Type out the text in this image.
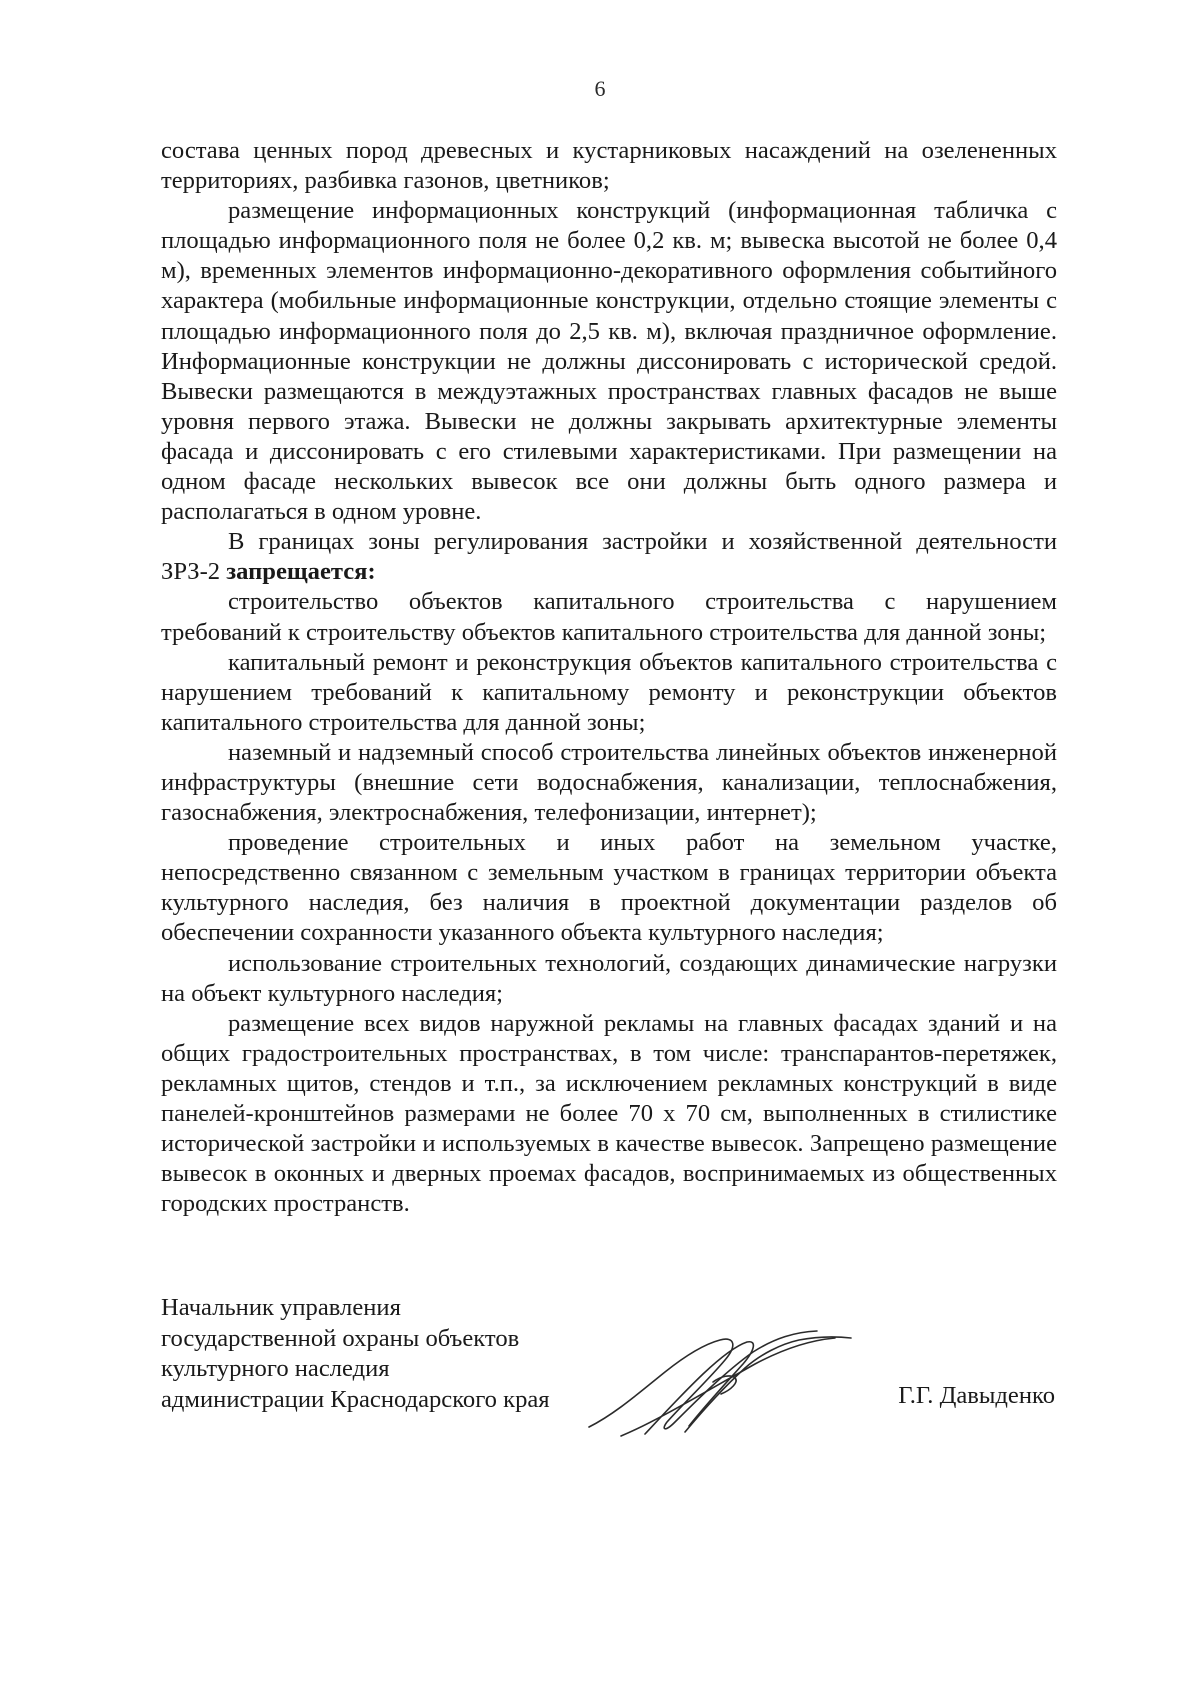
6

состава ценных пород древесных и кустарниковых насаждений на озелененных территориях, разбивка газонов, цветников;

размещение информационных конструкций (информационная табличка с площадью информационного поля не более 0,2 кв. м; вывеска высотой не более 0,4 м), временных элементов информационно-декоративного оформления событийного характера (мобильные информационные конструкции, отдельно стоящие элементы с площадью информационного поля до 2,5 кв. м), включая праздничное оформление. Информационные конструкции не должны диссонировать с исторической средой. Вывески размещаются в междуэтажных пространствах главных фасадов не выше уровня первого этажа. Вывески не должны закрывать архитектурные элементы фасада и диссонировать с его стилевыми характеристиками. При размещении на одном фасаде нескольких вывесок все они должны быть одного размера и располагаться в одном уровне.

В границах зоны регулирования застройки и хозяйственной деятельности ЗРЗ-2 запрещается:

строительство объектов капитального строительства с нарушением требований к строительству объектов капитального строительства для данной зоны;

капитальный ремонт и реконструкция объектов капитального строительства с нарушением требований к капитальному ремонту и реконструкции объектов капитального строительства для данной зоны;

наземный и надземный способ строительства линейных объектов инженерной инфраструктуры (внешние сети водоснабжения, канализации, теплоснабжения, газоснабжения, электроснабжения, телефонизации, интернет);

проведение строительных и иных работ на земельном участке, непосредственно связанном с земельным участком в границах территории объекта культурного наследия, без наличия в проектной документации разделов об обеспечении сохранности указанного объекта культурного наследия;

использование строительных технологий, создающих динамические нагрузки на объект культурного наследия;

размещение всех видов наружной рекламы на главных фасадах зданий и на общих градостроительных пространствах, в том числе: транспарантов-перетяжек, рекламных щитов, стендов и т.п., за исключением рекламных конструкций в виде панелей-кронштейнов размерами не более 70 х 70 см, выполненных в стилистике исторической застройки и используемых в качестве вывесок. Запрещено размещение вывесок в оконных и дверных проемах фасадов, воспринимаемых из общественных городских пространств.

Начальник управления
государственной охраны объектов
культурного наследия
администрации Краснодарского края	Г.Г. Давыденко
